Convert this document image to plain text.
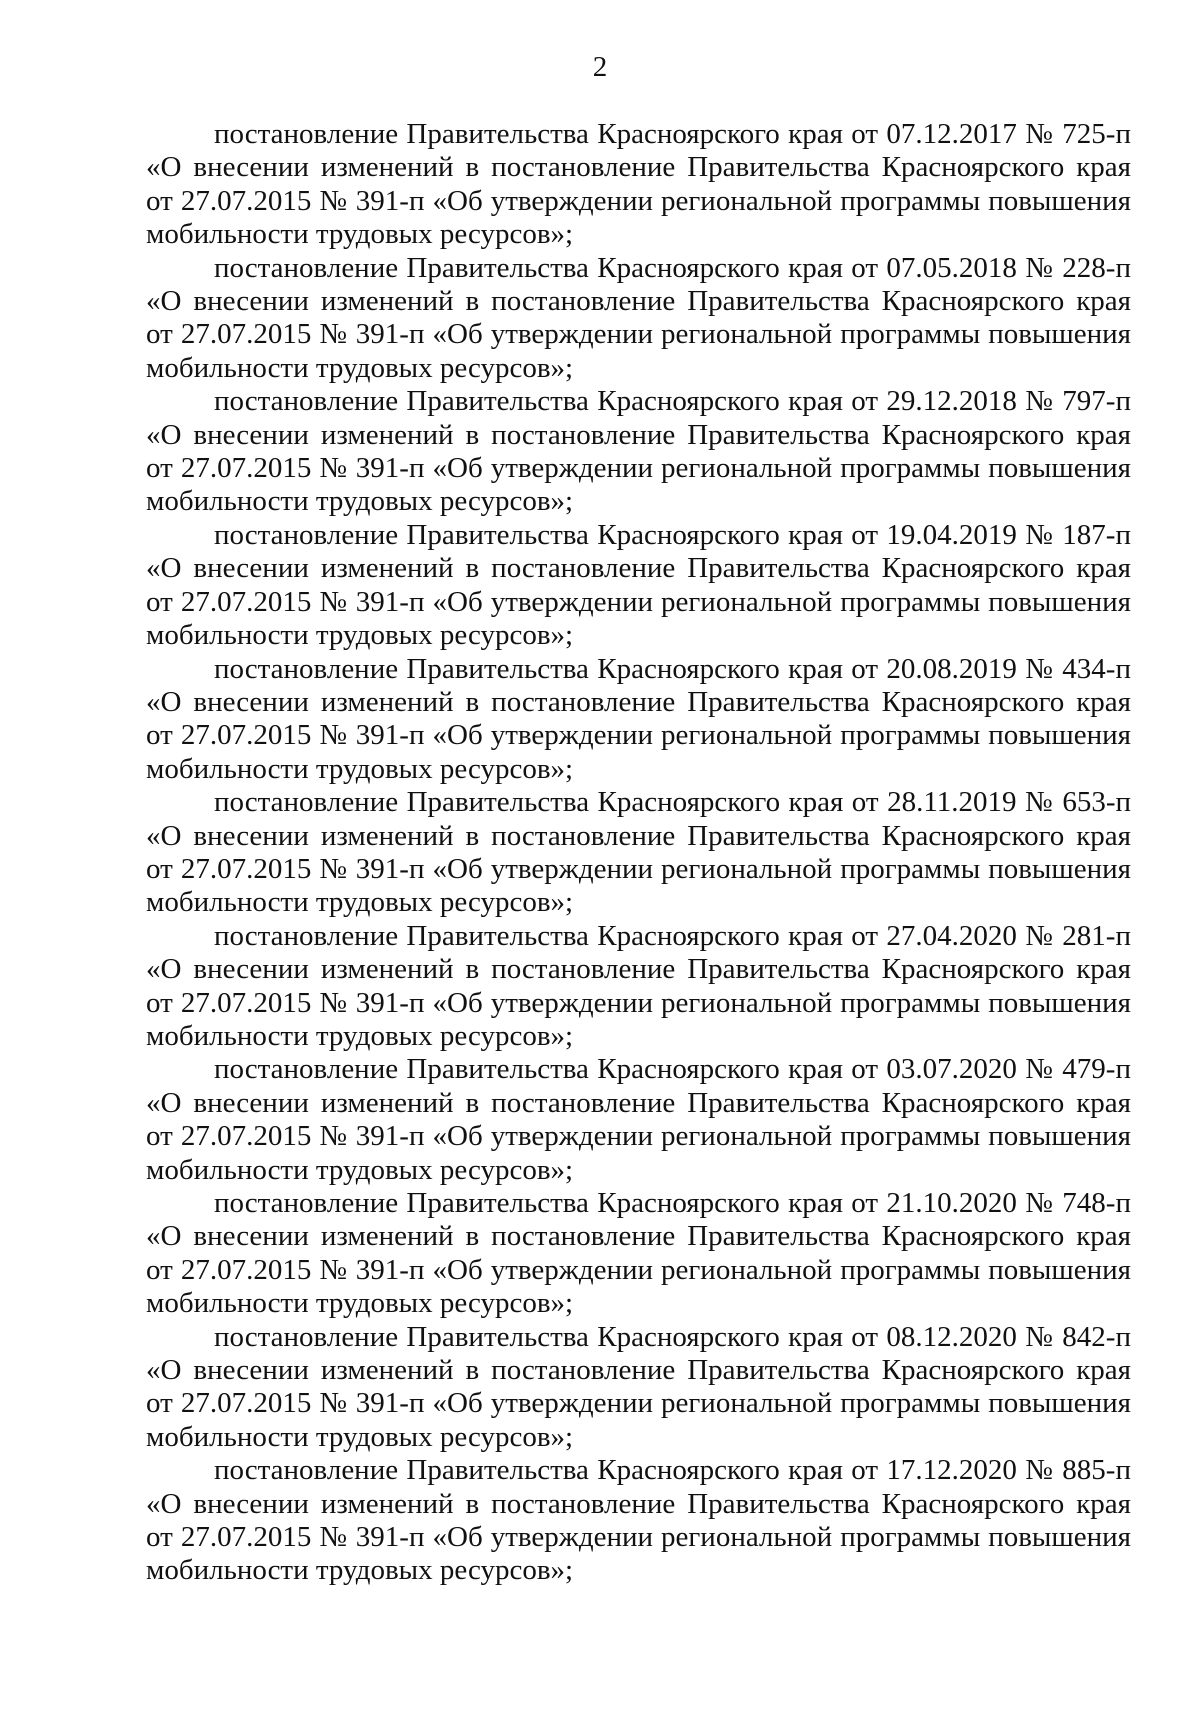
2

постановление Правительства Красноярского края от 07.12.2017 № 725-п
«О внесении изменений в постановление Правительства Красноярского края
от 27.07.2015 № 391-п «Об утверждении региональной программы повышения
мобильности трудовых ресурсов»;

постановление Правительства Красноярского края от 07.05.2018 № 228-п
«О внесении изменений в постановление Правительства Красноярского края
от 27.07.2015 № 391-п «Об утверждении региональной программы повышения
мобильности трудовых ресурсов»;

постановление Правительства Красноярского края от 29.12.2018 № 797-п
«О внесении изменений в постановление Правительства Красноярского края
от 27.07.2015 № 391-п «Об утверждении региональной программы повышения
мобильности трудовых ресурсов»;

постановление Правительства Красноярского края от 19.04.2019 № 187-п
«О внесении изменений в постановление Правительства Красноярского края
от 27.07.2015 № 391-п «Об утверждении региональной программы повышения
мобильности трудовых ресурсов»;

постановление Правительства Красноярского края от 20.08.2019 № 434-п
«О внесении изменений в постановление Правительства Красноярского края
от 27.07.2015 № 391-п «Об утверждении региональной программы повышения
мобильности трудовых ресурсов»;

постановление Правительства Красноярского края от 28.11.2019 № 653-п
«О внесении изменений в постановление Правительства Красноярского края
от 27.07.2015 № 391-п «Об утверждении региональной программы повышения
мобильности трудовых ресурсов»;

постановление Правительства Красноярского края от 27.04.2020 № 281-п
«О внесении изменений в постановление Правительства Красноярского края
от 27.07.2015 № 391-п «Об утверждении региональной программы повышения
мобильности трудовых ресурсов»;

постановление Правительства Красноярского края от 03.07.2020 № 479-п
«О внесении изменений в постановление Правительства Красноярского края
от 27.07.2015 № 391-п «Об утверждении региональной программы повышения
мобильности трудовых ресурсов»;

постановление Правительства Красноярского края от 21.10.2020 № 748-п
«О внесении изменений в постановление Правительства Красноярского края
от 27.07.2015 № 391-п «Об утверждении региональной программы повышения
мобильности трудовых ресурсов»;

постановление Правительства Красноярского края от 08.12.2020 № 842-п
«О внесении изменений в постановление Правительства Красноярского края
от 27.07.2015 № 391-п «Об утверждении региональной программы повышения
мобильности трудовых ресурсов»;

постановление Правительства Красноярского края от 17.12.2020 № 885-п
«О внесении изменений в постановление Правительства Красноярского края
от 27.07.2015 № 391-п «Об утверждении региональной программы повышения
мобильности трудовых ресурсов»;
